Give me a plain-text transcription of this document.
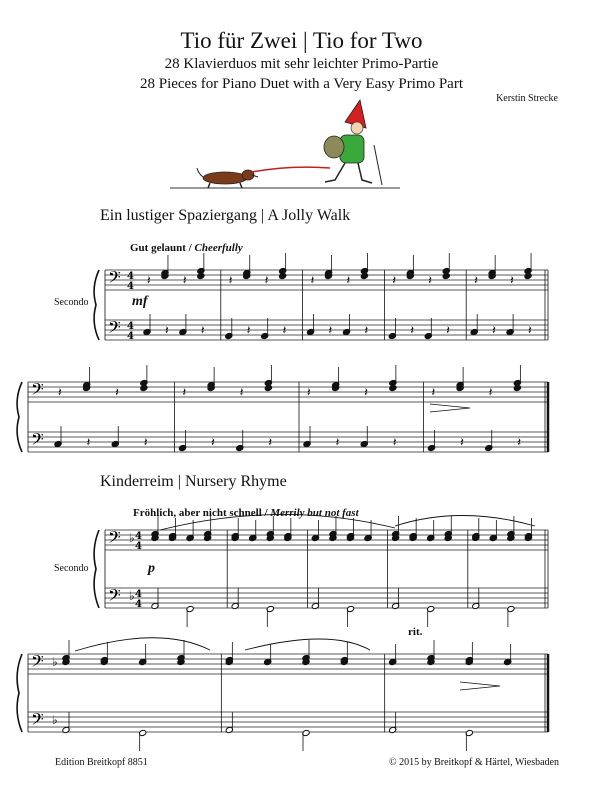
Tio für Zwei | Tio for Two
28 Klavierduos mit sehr leichter Primo-Partie
28 Pieces for Piano Duet with a Very Easy Primo Part
Kerstin Strecke
Ein lustiger Spaziergang | A Jolly Walk
Gut gelaunt / Cheerfully
Secondo	mf
Kinderreim | Nursery Rhyme
Fröhlich, aber nicht schnell / Merrily but not fast
Secondo	p
rit.
Edition Breitkopf 8851	© 2015 by Breitkopf & Härtel, Wiesbaden
𝄢
𝄢
4
4
4
4
𝄽
𝄽
𝄽
𝄽
𝄽
𝄽
𝄽
𝄽
𝄽
𝄽
𝄽
𝄽
𝄽
𝄽
𝄽
𝄽
𝄽
𝄽
𝄽
𝄽
𝄢
𝄢
𝄽
𝄽
𝄽
𝄽
𝄽
𝄽
𝄽
𝄽
𝄽
𝄽
𝄽
𝄽
𝄽
𝄽
𝄽
𝄽
𝄢
𝄢
♭
♭
4
4
4
4
𝄢
𝄢
♭
♭
